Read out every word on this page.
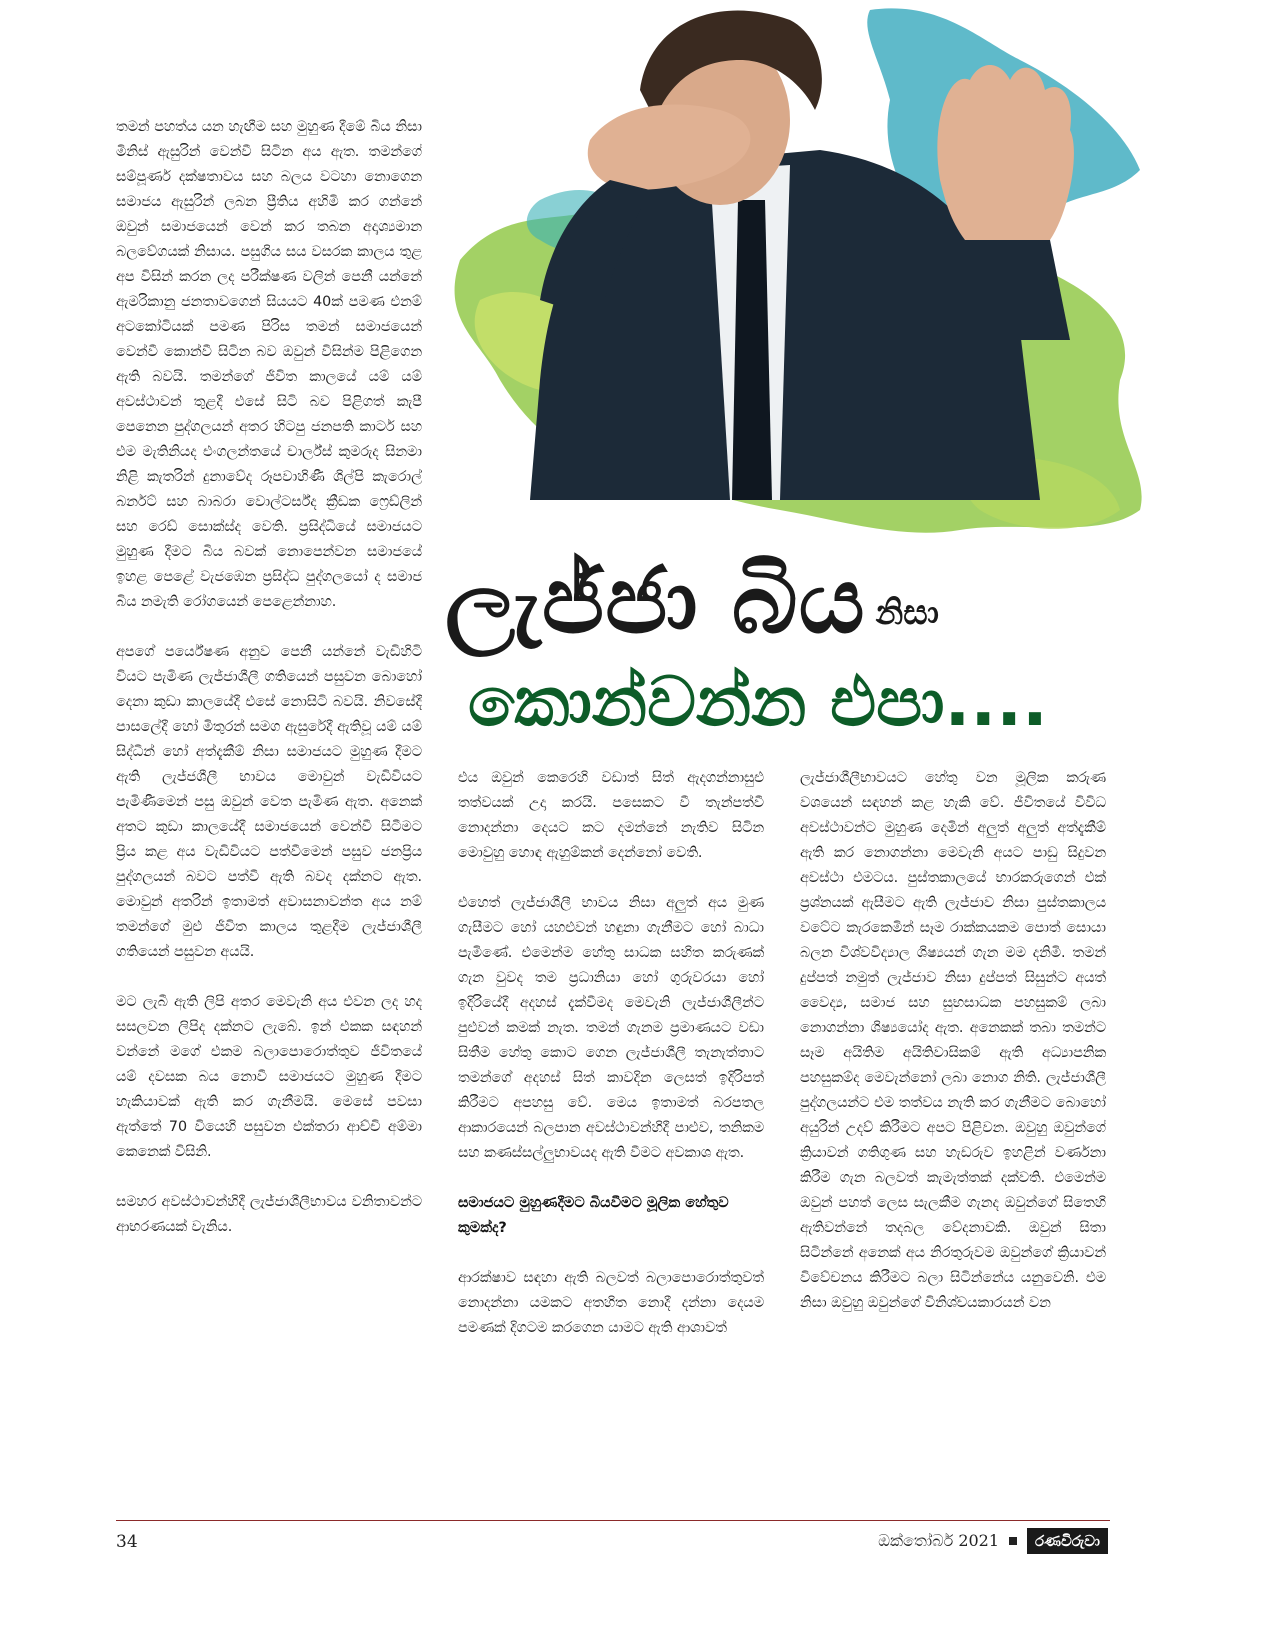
ලැජ්ජා බිය නිසා
කොන්වන්න එපා....

තමන් පහත්ය යන හැඟීම සහ මුහුණ දීමේ බිය නිසා මිනිස් ඇසුරින් වෙන්වී සිටින අය ඇත. තමන්ගේ සම්පූර්ණ දක්ෂතාවය සහ බලය වටහා නොගෙන සමාජය ඇසුරින් ලබන ප්‍රීතිය අහිමි කර ගන්නේ ඔවුන් සමාජයෙන් වෙන් කර තබන අදෘශ්‍යමාන බලවේගයක් නිසාය. පසුගිය සය වසරක කාලය තුළ අප විසින් කරන ලද පරීක්ෂණ වලින් පෙනී යන්නේ ඇමරිකානු ජනතාවගෙන් සියයට 40ක් පමණ එනම් අටකෝටියක් පමණ පිරිස තමන් සමාජයෙන් වෙන්වී කොන්වී සිටින බව ඔවුන් විසින්ම පිළිගෙන ඇති බවයි. තමන්ගේ ජීවිත කාලයේ යම් යම් අවස්ථාවන් තුළදී එසේ සිටි බව පිළිගත් කැපී පෙනෙන පුද්ගලයන් අතර හිටපු ජනපති කාටර් සහ එම මැතිනියද එංගලන්තයේ චාර්ල්ස් කුමරුද සිනමා නිළි කැතරින් දුනාවේද රූපවාහිණී ශිල්පි කැරොල් බර්නට් සහ බාබරා වොල්ටර්ස්ද ක්‍රීඩක ෆ්‍රෙඩ්ලින් සහ රෙඩ් සොක්ස්ද වෙති. ප්‍රසිද්ධියේ සමාජයට මුහුණ දීමට බිය බවක් නොපෙන්වන සමාජයේ ඉහළ පෙළේ වැජඹෙන ප්‍රසිද්ධ පුද්ගලයෝ ද සමාජ බිය නමැති රෝගයෙන් පෙළෙන්නාහ.

අපගේ පර්යේෂණ අනුව පෙනී යන්නේ වැඩිහිටි වියට පැමිණ ලැජ්ජාශීලී ගතියෙන් පසුවන බොහෝ දෙනා කුඩා කාලයේදී එසේ නොසිටි බවයි. නිවසේදී පාසලේදී හෝ මිතුරන් සමග ඇසුරේදී ඇතිවූ යම් යම් සිද්ධීන් හෝ අත්දැකීම් නිසා සමාජයට මුහුණ දීමට ඇති ලැජ්ජශීලී භාවය මොවුන් වැඩිවියට පැමිණීමෙන් පසු ඔවුන් වෙත පැමිණ ඇත. අනෙක් අතට කුඩා කාලයේදී සමාජයෙන් වෙන්වී සිටීමට ප්‍රිය කළ අය වැඩිවියට පත්වීමෙන් පසුව ජනප්‍රිය පුද්ගලයන් බවට පත්වී ඇති බවද දක්නට ඇත. මොවුන් අතරින් ඉතාමත් අවාසනාවන්ත අය නම් තමන්ගේ මුළු ජීවිත කාලය තුළදීම ලැජ්ජාශීලී ගතියෙන් පසුවන අයයි.

මට ලැබී ඇති ලිපි අතර මෙවැනි අය එවන ලද හද සසලවන ලිපිද දක්නට ලැබේ. ඉන් එකක සඳහන් වන්නේ මගේ එකම බලාපොරොත්තුව ජීවිතයේ යම් දවසක බය නොවී සමාජයට මුහුණ දීමට හැකියාවක් ඇති කර ගැනීමයි. මෙසේ පවසා ඇත්තේ 70 වියෙහි පසුවන එක්තරා ආච්චි අම්මා කෙනෙක් විසිනි.

සමහර අවස්ථාවන්හිදී ලැජ්ජාශීලීභාවය වනිතාවන්ට ආභරණයක් වැනිය.

එය ඔවුන් කෙරෙහි වඩාත් සිත් ඇදගන්නාසුළු තත්වයක් උදා කරයි. පසෙකට වී තැන්පත්වී නොදන්නා දෙයට කට දමන්නේ නැතිව සිටින මොවුහු හොඳ ඇහුම්කන් දෙන්නෝ වෙති.

එහෙත් ලැජ්ජාශීලී භාවය නිසා අලුත් අය මුණ ගැසීමට හෝ යහළුවන් හඳුනා ගැනීමට හෝ බාධා පැමිණේ. එමෙන්ම හේතු සාධක සහිත කරුණක් ගැන වුවද තම ප්‍රධානියා හෝ ගුරුවරයා හෝ ඉදිරියේදී අදහස් දැක්වීමද මෙවැනි ලැජ්ජාශීලීන්ට පුළුවන් කමක් නැත. තමන් ගැනම ප්‍රමාණයට වඩා සිතීම හේතු කොට ගෙන ලැජ්ජාශීලී තැනැත්තාට තමන්ගේ අදහස් සිත් කාවදින ලෙසත් ඉදිරිපත් කිරීමට අපහසු වේ. මෙය ඉතාමත් බරපතල ආකාරයෙන් බලපාන අවස්ථාවන්හිදී පාළුව, තනිකම සහ කණස්සල්ලුභාවයද ඇති වීමට අවකාශ ඇත.

සමාජයට මුහුණදීමට බියවීමට මූලික හේතුව කුමක්ද?

ආරක්ෂාව සඳහා ඇති බලවත් බලාපොරොත්තුවත් නොදන්නා යමකට අතහිත නොදී දන්නා දෙයම පමණක් දිගටම කරගෙන යාමට ඇති ආශාවත්

ලැජ්ජාශීලීභාවයට හේතු වන මූලික කරුණ වශයෙන් සඳහන් කළ හැකි වේ. ජීවිතයේ විවිධ අවස්ථාවන්ට මුහුණ දෙමින් අලුත් අලුත් අත්දැකීම් ඇති කර නොගන්නා මෙවැනි අයට පාඩු සිදුවන අවස්ථා එමටය. පුස්තකාලයේ භාරකරුගෙන් එක් ප්‍රශ්නයක් ඇසීමට ඇති ලැජ්ජාව නිසා පුස්තකාලය වටේට කැරකෙමින් සෑම රාක්කයකම පොත් සොයා බලන විශ්වවිද්‍යාල ශිෂ්‍යයන් ගැන මම දනිමි. තමන් දුප්පත් නමුත් ලැජ්ජාව නිසා දුප්පත් සිසුන්ට අයත් වෛද්‍ය, සමාජ සහ සුභසාධක පහසුකම් ලබා නොගන්නා ශිෂ්‍යයෝද ඇත. අනෙකක් තබා තමන්ට සෑම අයිතිම අයිතිවාසිකම් ඇති අධ්‍යාපනික පහසුකම්ද මෙවැන්නෝ ලබා නොග නිති. ලැජ්ජාශීලී පුද්ගලයන්ට එම තත්වය නැති කර ගැනීමට බොහෝ අයුරින් උදව් කිරීමට අපට පිළිවන. ඔවුහු ඔවුන්ගේ ක්‍රියාවන් ගතිගුණ සහ හැඩරුව ඉහළින් වර්ණනා කිරීම ගැන බලවත් කැමැත්තක් දක්වති. එමෙන්ම ඔවුන් පහත් ලෙස සැලකීම ගැනද ඔවුන්ගේ සිතෙහි ඇතිවන්නේ තදබල වේදනාවකි. ඔවුන් සිතා සිටින්නේ අනෙක් අය නිරතුරුවම ඔවුන්ගේ ක්‍රියාවන් විවේචනය කිරීමට බලා සිටින්නේය යනුවෙනි. එම නිසා ඔවුහු ඔවුන්ගේ විනිශ්චයකාරයන් වන

34	ඔක්තෝබර් 2021	රණවිරුවා
